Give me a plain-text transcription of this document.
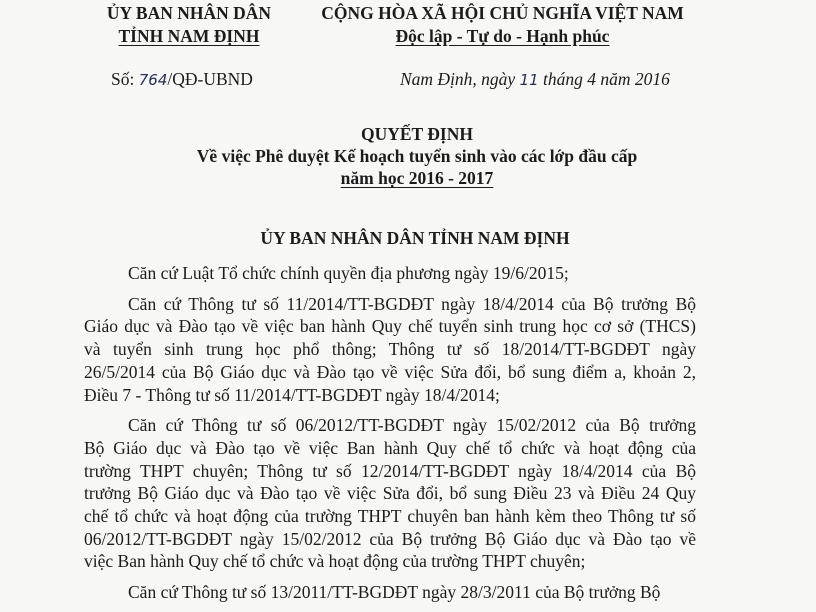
ỦY BAN NHÂN DÂN
TỈNH NAM ĐỊNH
CỘNG HÒA XÃ HỘI CHỦ NGHĨA VIỆT NAM
Độc lập - Tự do - Hạnh phúc
Số: 764/QĐ-UBND	Nam Định, ngày 11 tháng 4 năm 2016
QUYẾT ĐỊNH
Về việc Phê duyệt Kế hoạch tuyển sinh vào các lớp đầu cấp
năm học 2016 - 2017
ỦY BAN NHÂN DÂN TỈNH NAM ĐỊNH

Căn cứ Luật Tổ chức chính quyền địa phương ngày 19/6/2015;

Căn cứ Thông tư số 11/2014/TT-BGDĐT ngày 18/4/2014 của Bộ trưởng Bộ
Giáo dục và Đào tạo về việc ban hành Quy chế tuyển sinh trung học cơ sở (THCS)
và tuyển sinh trung học phổ thông; Thông tư số 18/2014/TT-BGDĐT ngày
26/5/2014 của Bộ Giáo dục và Đào tạo về việc Sửa đổi, bổ sung điểm a, khoản 2,
Điều 7 - Thông tư số 11/2014/TT-BGDĐT ngày 18/4/2014;

Căn cứ Thông tư số 06/2012/TT-BGDĐT ngày 15/02/2012 của Bộ trưởng
Bộ Giáo dục và Đào tạo về việc Ban hành Quy chế tổ chức và hoạt động của
trường THPT chuyên; Thông tư số 12/2014/TT-BGDĐT ngày 18/4/2014 của Bộ
trưởng Bộ Giáo dục và Đào tạo về việc Sửa đổi, bổ sung Điều 23 và Điều 24 Quy
chế tổ chức và hoạt động của trường THPT chuyên ban hành kèm theo Thông tư số
06/2012/TT-BGDĐT ngày 15/02/2012 của Bộ trưởng Bộ Giáo dục và Đào tạo về
việc Ban hành Quy chế tổ chức và hoạt động của trường THPT chuyên;

Căn cứ Thông tư số 13/2011/TT-BGDĐT ngày 28/3/2011 của Bộ trưởng Bộ
